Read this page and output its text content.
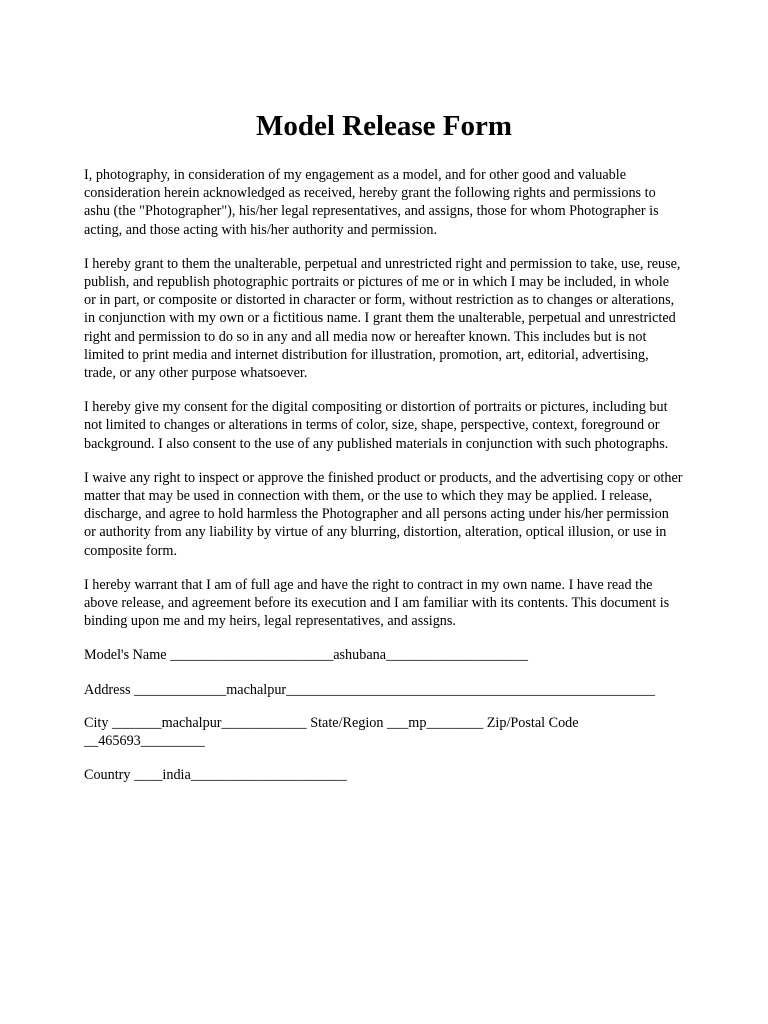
Model Release Form

I, photography, in consideration of my engagement as a model, and for other good and valuable consideration herein acknowledged as received, hereby grant the following rights and permissions to ashu (the "Photographer"), his/her legal representatives, and assigns, those for whom Photographer is acting, and those acting with his/her authority and permission.

I hereby grant to them the unalterable, perpetual and unrestricted right and permission to take, use, reuse, publish, and republish photographic portraits or pictures of me or in which I may be included, in whole or in part, or composite or distorted in character or form, without restriction as to changes or alterations, in conjunction with my own or a fictitious name. I grant them the unalterable, perpetual and unrestricted right and permission to do so in any and all media now or hereafter known. This includes but is not limited to print media and internet distribution for illustration, promotion, art, editorial, advertising, trade, or any other purpose whatsoever.

I hereby give my consent for the digital compositing or distortion of portraits or pictures, including but not limited to changes or alterations in terms of color, size, shape, perspective, context, foreground or background. I also consent to the use of any published materials in conjunction with such photographs.

I waive any right to inspect or approve the finished product or products, and the advertising copy or other matter that may be used in connection with them, or the use to which they may be applied. I release, discharge, and agree to hold harmless the Photographer and all persons acting under his/her permission or authority from any liability by virtue of any blurring, distortion, alteration, optical illusion, or use in composite form.

I hereby warrant that I am of full age and have the right to contract in my own name. I have read the above release, and agreement before its execution and I am familiar with its contents. This document is binding upon me and my heirs, legal representatives, and assigns.

Model's Name _______________________ashubana____________________

Address _____________machalpur____________________________________________________

City _______machalpur____________ State/Region ___mp________ Zip/Postal Code

__465693_________

Country ____india______________________
